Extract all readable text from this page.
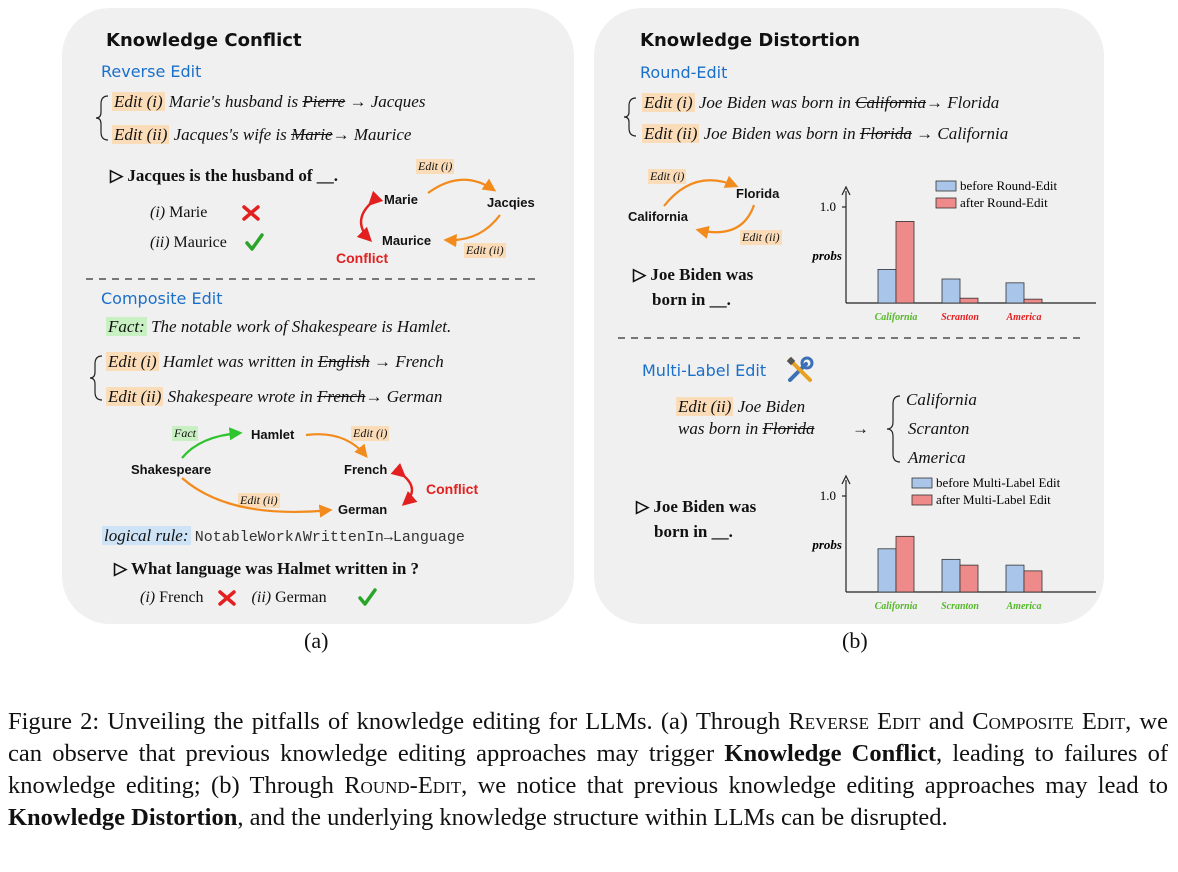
Knowledge Conflict
Reverse Edit
Edit (i) Marie's husband is Pierre → Jacques
Edit (ii) Jacques's wife is Marie→ Maurice
▷ Jacques is the husband of __.
(i) Marie
(ii) Maurice
Marie	Jacqies
Maurice
Edit (i)
Edit (ii)
Conflict
Composite Edit
Fact: The notable work of Shakespeare is Hamlet.
Edit (i) Hamlet was written in English → French
Edit (ii) Shakespeare wrote in French→ German
Fact	Hamlet
Shakespeare	French
German
Edit (i)
Edit (ii)
Conflict
logical rule: NotableWork∧WrittenIn→Language
▷ What language was Halmet written in ?
(i) French	(ii) German
(a)
Knowledge Distortion
Round-Edit
Edit (i) Joe Biden was born in California→ Florida
Edit (ii) Joe Biden was born in Florida → California
Edit (i)
Edit (ii)
Florida
California
▷ Joe Biden was
born in __.
Multi-Label Edit
Edit (ii) Joe Biden
was born in Florida →
California
Scranton
America
▷ Joe Biden was
born in __.
(b)
1.0
probs
California Scranton	America
before Round-Edit
after Round-Edit
1.0
probs
California Scranton	America
before Multi-Label Edit
after Multi-Label Edit
Figure 2: Unveiling the pitfalls of knowledge editing for LLMs. (a) Through Reverse Edit and Composite Edit, we can observe that previous knowledge editing approaches may trigger Knowledge Conflict, leading to failures of knowledge editing; (b) Through Round-Edit, we notice that previous knowledge editing approaches may lead to Knowledge Distortion, and the underlying knowledge structure within LLMs can be disrupted.
